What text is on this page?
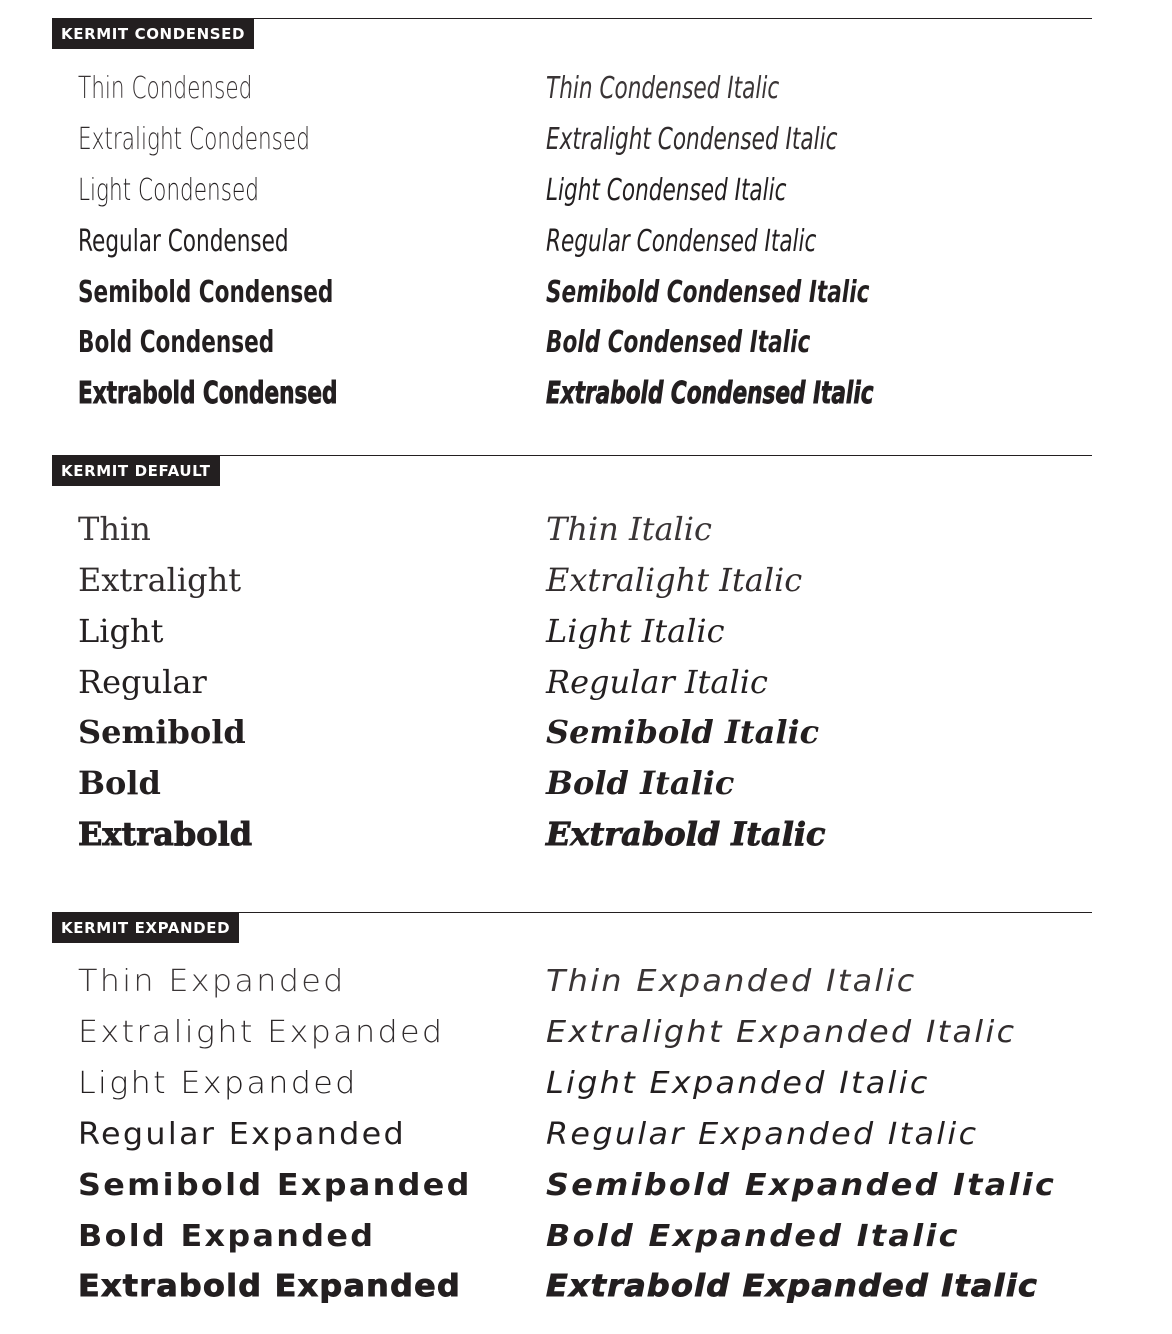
KERMIT CONDENSED
Thin Condensed
Extralight Condensed
Light Condensed
Regular Condensed
Semibold Condensed
Bold Condensed
Extrabold Condensed
Thin Condensed Italic
Extralight Condensed Italic
Light Condensed Italic
Regular Condensed Italic
Semibold Condensed Italic
Bold Condensed Italic
Extrabold Condensed Italic
KERMIT DEFAULT
Thin
Extralight
Light
Regular
Semibold
Bold
Extrabold
Thin Italic
Extralight Italic
Light Italic
Regular Italic
Semibold Italic
Bold Italic
Extrabold Italic
KERMIT EXPANDED
Thin Expanded
Extralight Expanded
Light Expanded
Regular Expanded
Semibold Expanded
Bold Expanded
Extrabold Expanded
Thin Expanded Italic
Extralight Expanded Italic
Light Expanded Italic
Regular Expanded Italic
Semibold Expanded Italic
Bold Expanded Italic
Extrabold Expanded Italic
